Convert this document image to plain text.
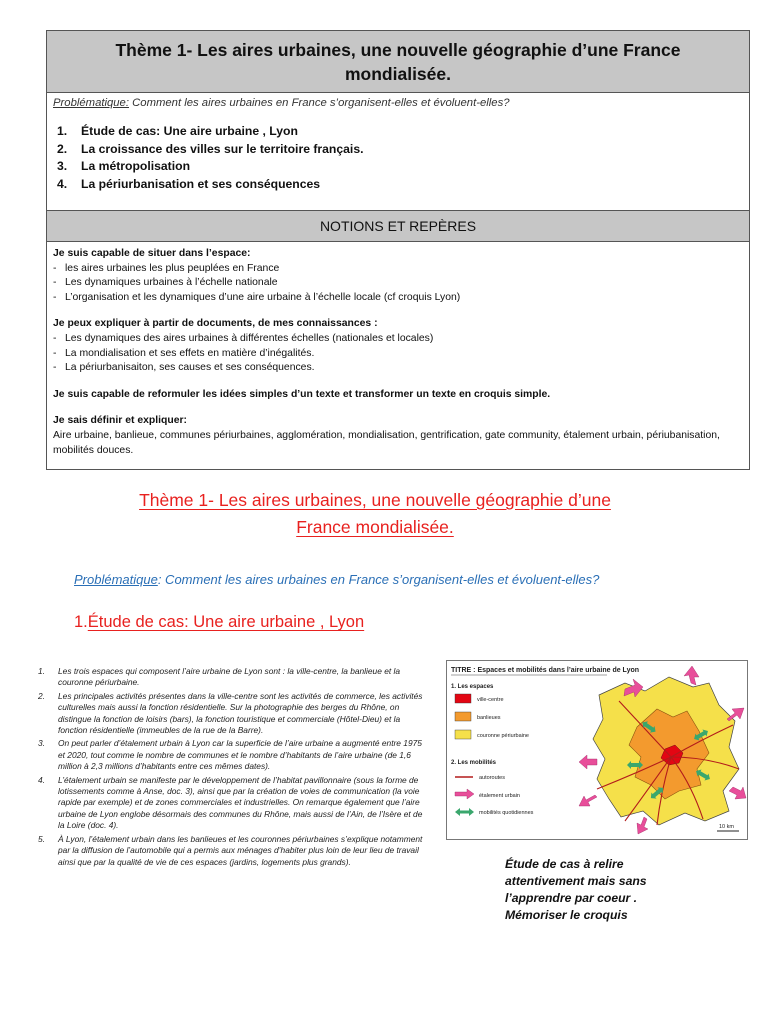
Thème 1- Les aires urbaines, une nouvelle géographie d’une France mondialisée.
Problématique: Comment les aires urbaines en France s’organisent-elles et évoluent-elles?
1.	Étude de cas: Une aire urbaine , Lyon
2.	La croissance des villes sur le territoire français.
3.	La métropolisation
4.	La périurbanisation et ses conséquences
NOTIONS ET REPÈRES
Je suis capable de situer dans l’espace:
- les aires urbaines les plus peuplées en France
- Les dynamiques urbaines à l’échelle nationale
- L’organisation et les dynamiques d’une aire urbaine à l’échelle locale (cf croquis Lyon)
Je peux expliquer à partir de documents, de mes connaissances :
- Les dynamiques des aires urbaines à différentes échelles (nationales et locales)
- La mondialisation et ses effets en matière d’inégalités.
- La périurbanisaiton, ses causes et ses conséquences.
Je suis capable de reformuler les idées simples d’un texte et transformer un texte en croquis simple.
Je sais définir et expliquer:
Aire urbaine, banlieue, communes périurbaines, agglomération, mondialisation, gentrification, gate community, étalement urbain, périubanisation, mobilités douces.
Thème 1- Les aires urbaines, une nouvelle géographie d’une
France mondialisée.
Problématique: Comment les aires urbaines en France s’organisent-elles et évoluent-elles?
1.Étude de cas: Une aire urbaine , Lyon
1.	Les trois espaces qui composent l’aire urbaine de Lyon sont : la ville-centre, la banlieue et la couronne périurbaine.
2.	Les principales activités présentes dans la ville-centre sont les activités de commerce, les activités culturelles mais aussi la fonction résidentielle. Sur la photographie des berges du Rhône, on distingue la fonction de loisirs (bars), la fonction touristique et commerciale (Hôtel-Dieu) et la fonction résidentielle (immeubles de la rue de la Barre).
3.	On peut parler d’étalement urbain à Lyon car la superficie de l’aire urbaine a augmenté entre 1975 et 2020, tout comme le nombre de communes et le nombre d’habitants de l’aire urbaine (de 1,6 million à 2,3 millions d’habitants entre ces mêmes dates).
4.	L’étalement urbain se manifeste par le développement de l’habitat pavillonnaire (sous la forme de lotissements comme à Anse, doc. 3), ainsi que par la création de voies de communication (la voie rapide par exemple) et de zones commerciales et industrielles. On remarque également que l’aire urbaine de Lyon englobe désormais des communes du Rhône, mais aussi de l’Ain, de l’Isère et de la Loire (doc. 4).
5.	À Lyon, l’étalement urbain dans les banlieues et les couronnes périurbaines s’explique notamment par la diffusion de l’automobile qui a permis aux ménages d’habiter plus loin de leur lieu de travail ainsi que par la qualité de vie de ces espaces (jardins, logements plus grands).
TITRE : Espaces et mobilités dans l’aire urbaine de Lyon
1. Les espaces
ville-centre
banlieues
couronne périurbaine
2. Les mobilités
autoroutes
étalement urbain
mobilités quotidiennes
10 km
Étude de cas à relire attentivement mais sans l’apprendre par coeur . Mémoriser le croquis
